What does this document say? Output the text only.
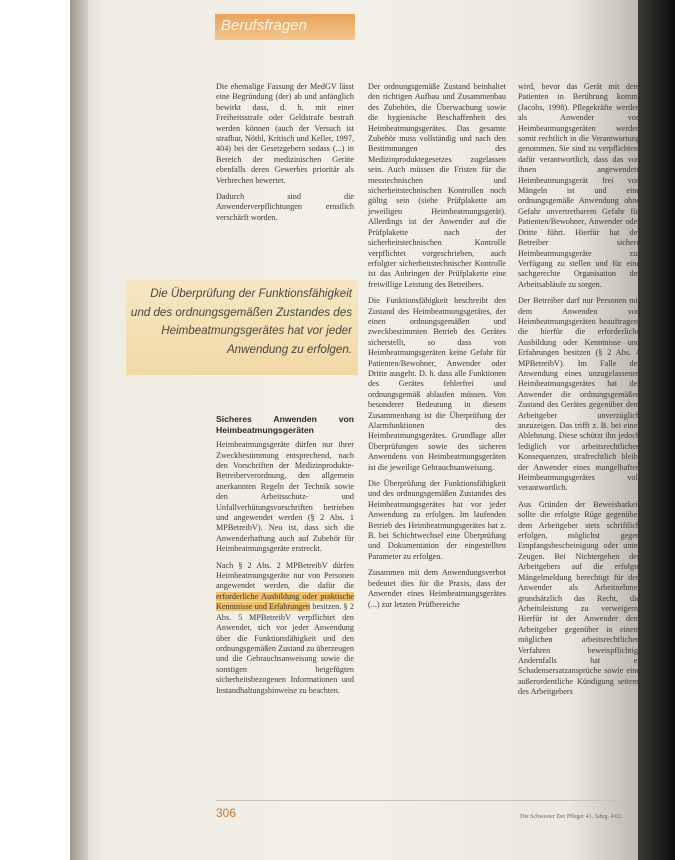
Berufsfragen

Die ehemalige Fassung der MedGV lässt eine Begründung (der) ab und anfänglich bewirkt dass, d. h. mit einer Freiheitsstrafe oder Geldstrafe bestraft werden können (auch der Versuch ist strafbar, Nöthl, Kritisch und Keller, 1997, 404) bei der Gesetzgebern sodass (...) in Bereich der medizinischen Geräte ebenfalls deren Gewerbes prioritär als Verbrechen bewertet.

Dadurch sind die Anwenderverpflichtungen ernstlich verschärft worden.

Die Überprüfung der Funktionsfähigkeit und des ordnungsgemäßen Zustandes des Heimbeatmungsgerätes hat vor jeder Anwendung zu erfolgen.
Sicheres Anwenden von Heimbeatmungsgeräten

Heimbeatmungsgeräte dürfen nur ihrer Zweckbestimmung entsprechend, nach den Vorschriften der Medizinprodukte-Betreiberverordnung, den allgemein anerkannten Regeln der Technik sowie den Arbeitsschutz- und Unfallverhütungsvorschriften betrieben und angewendet werden (§ 2 Abs. 1 MPBetreibV). Neu ist, dass sich die Anwenderhaftung auch auf Zubehör für Heimbeatmungsgeräte erstreckt.

Nach § 2 Abs. 2 MPBetreibV dürfen Heimbeatmungsgeräte nur von Personen angewendet werden, die dafür die erforderliche Ausbildung oder praktische Kenntnisse und Erfahrungen besitzen. § 2 Abs. 5 MPBetreibV verpflichtet den Anwender, sich vor jeder Anwendung über die Funktionsfähigkeit und den ordnungsgemäßen Zustand zu überzeugen und die Gebrauchsanweisung sowie die sonstigen beigefügten sicherheitsbezogenen Informationen und Instandhaltungshinweise zu beachten.

Der ordnungsgemäße Zustand beinhaltet den richtigen Aufbau und Zusammenbau des Zubehörs, die Überwachung sowie die hygienische Beschaffenheit des Heimbeatmungsgerätes. Das gesamte Zubehör muss vollständig und nach den Bestimmungen des Medizinproduktegesetzes zugelassen sein. Auch müssen die Fristen für die messtechnischen und sicherheitstechnischen Kontrollen noch gültig sein (siehe Prüfplakette am jeweiligen Heimbeatmungsgerät). Allerdings ist der Anwender auf die Prüfplakette nach der sicherheitstechnischen Kontrolle verpflichtet vorgeschrieben, auch erfolgter sicherheitstechnischer Kontrolle ist das Anbringen der Prüfplakette eine freiwillige Leistung des Betreibers.

Die Funktionsfähigkeit beschreibt den Zustand des Heimbeatmungsgerätes, der einen ordnungsgemäßen und zweckbestimmten Betrieb des Gerätes sicherstellt, so dass von Heimbeatmungsgeräten keine Gefahr für Patienten/Bewohner, Anwender oder Dritte ausgeht. D. h. dass alle Funktionen des Gerätes fehlerfrei und ordnungsgemäß ablaufen müssen. Von besonderer Bedeutung in diesem Zusammenhang ist die Überprüfung der Alarmfunktionen des Heimbeatmungsgerätes. Grundlage aller Überprüfungen sowie des sicheren Anwendens von Heimbeatmungsgeräten ist die jeweilige Gebrauchsanweisung.

Die Überprüfung der Funktionsfähigkeit und des ordnungsgemäßen Zustandes des Heimbeatmungsgerätes hat vor jeder Anwendung zu erfolgen. Im laufenden Betrieb des Heimbeatmungsgerätes hat z. B. bei Schichtwechsel eine Überprüfung und Dokumentation der eingestellten Parameter zu erfolgen.

Zusammen mit dem Anwendungsverbot bedeutet dies für die Praxis, dass der Anwender eines Heimbeatmungsgerätes (...) zur letzten Prüfbereiche

wird, bevor das Gerät mit dem Patienten in Berührung kommt (Jacobs, 1998). Pflegekräfte werden als Anwender von Heimbeatmungsgeräten werden somit rechtlich in die Verantwortung genommen. Sie sind zu verpflichten, dafür verantwortlich, dass das von ihnen angewendete Heimbeatmungsgerät frei von Mängeln ist und eine ordnungsgemäße Anwendung ohne Gefahr unvertretbarem Gefahr für Patienten/Bewohner, Anwender oder Dritte führt. Hierfür hat der Betreiber sichere Heimbeatmungsgeräte zur Verfügung zu stellen und für eine sachgerechte Organisation der Arbeitsabläufe zu sorgen.

Der Betreiber darf nur Personen mit dem Anwenden von Heimbeatmungsgeräten beauftragen, die hierfür die erforderliche Ausbildung oder Kenntnisse und Erfahrungen besitzen (§ 2 Abs. 4 MPBetreibV). Im Falle der Anwendung eines unzugelassenen Heimbeatmungsgerätes hat der Anwender die ordnungsgemäßen Zustand des Gerätes gegenüber dem Arbeitgeber unverzüglich anzuzeigen. Das trifft z. B. bei einer Ablehnung. Diese schützt ihn jedoch lediglich vor arbeitsrechtlichen Konsequenzen, strafrechtlich bleibt der Anwender eines mangelhaften Heimbeatmungsgerätes voll verantwortlich.

Aus Gründen der Beweisbarkeit sollte die erfolgte Rüge gegenüber dem Arbeitgeber stets schriftlich erfolgen, möglichst gegen Empfangsbescheinigung oder unter Zeugen. Bei Nichtergehen des Arbeitgebers auf die erfolgte Mängelmeldung berechtigt für den Anwender als Arbeitnehmer grundsätzlich das Recht, die Arbeitsleistung zu verweigern. Hierfür ist der Anwender dem Arbeitgeber gegenüber in einem möglichen arbeitsrechtlichen Verfahren beweispflichtig. Andernfalls hat er Schadensersatzansprüche sowie eine außerordentliche Kündigung seitens des Arbeitgebers

306	Die Schwester Der Pfleger 41. Jahrg. 4/02
